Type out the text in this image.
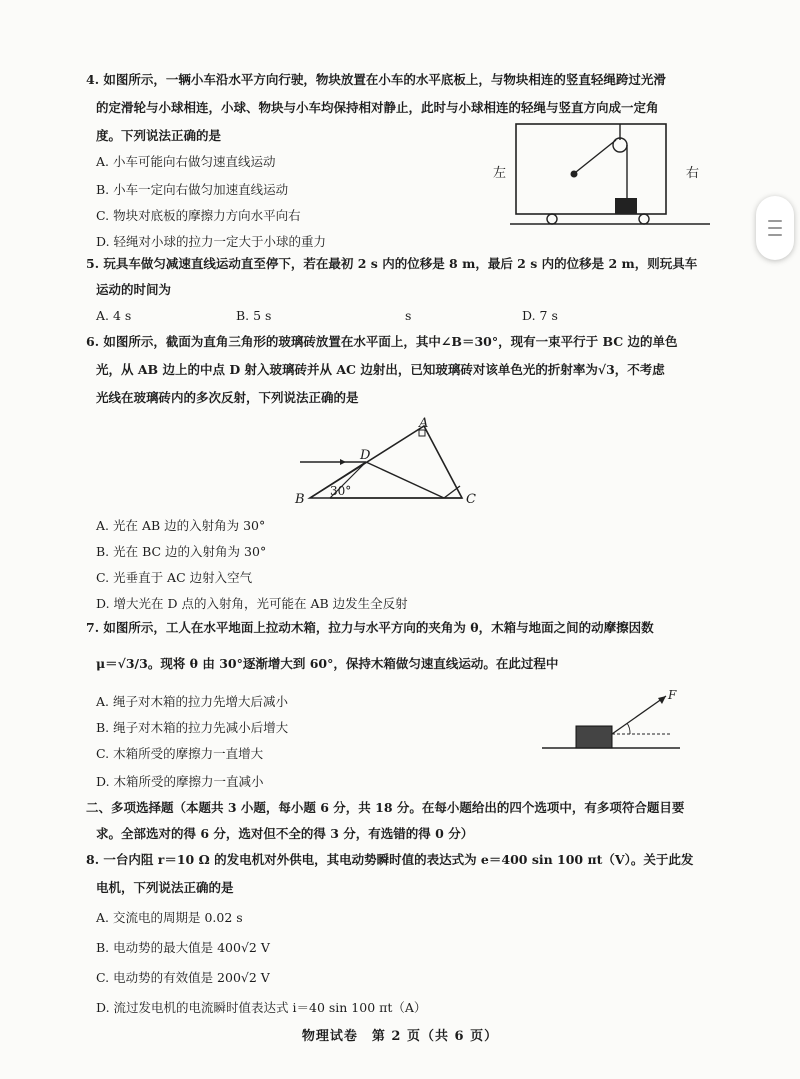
4. 如图所示，一辆小车沿水平方向行驶，物块放置在小车的水平底板上，与物块相连的竖直轻绳跨过光滑
的定滑轮与小球相连，小球、物块与小车均保持相对静止，此时与小球相连的轻绳与竖直方向成一定角
度。下列说法正确的是
A. 小车可能向右做匀速直线运动
B. 小车一定向右做匀加速直线运动
C. 物块对底板的摩擦力方向水平向右
D. 轻绳对小球的拉力一定大于小球的重力
左	右
5. 玩具车做匀减速直线运动直至停下，若在最初 2 s 内的位移是 8 m，最后 2 s 内的位移是 2 m，则玩具车
运动的时间为
A. 4 s	B. 5 s	s	D. 7 s
6. 如图所示，截面为直角三角形的玻璃砖放置在水平面上，其中∠B＝30°，现有一束平行于 BC 边的单色
光，从 AB 边上的中点 D 射入玻璃砖并从 AC 边射出，已知玻璃砖对该单色光的折射率为√3，不考虑
光线在玻璃砖内的多次反射，下列说法正确的是
A
B	C
D
30°
A. 光在 AB 边的入射角为 30°
B. 光在 BC 边的入射角为 30°
C. 光垂直于 AC 边射入空气
D. 增大光在 D 点的入射角，光可能在 AB 边发生全反射
7. 如图所示，工人在水平地面上拉动木箱，拉力与水平方向的夹角为 θ，木箱与地面之间的动摩擦因数
μ＝√3/3。现将 θ 由 30°逐渐增大到 60°，保持木箱做匀速直线运动。在此过程中
A. 绳子对木箱的拉力先增大后减小
B. 绳子对木箱的拉力先减小后增大
C. 木箱所受的摩擦力一直增大
D. 木箱所受的摩擦力一直减小
F
二、多项选择题（本题共 3 小题，每小题 6 分，共 18 分。在每小题给出的四个选项中，有多项符合题目要
求。全部选对的得 6 分，选对但不全的得 3 分，有选错的得 0 分）
8. 一台内阻 r＝10 Ω 的发电机对外供电，其电动势瞬时值的表达式为 e＝400 sin 100 πt（V）。关于此发
电机，下列说法正确的是
A. 交流电的周期是 0.02 s
B. 电动势的最大值是 400√2 V
C. 电动势的有效值是 200√2 V
D. 流过发电机的电流瞬时值表达式 i＝40 sin 100 πt（A）
物理试卷　第 2 页（共 6 页）
